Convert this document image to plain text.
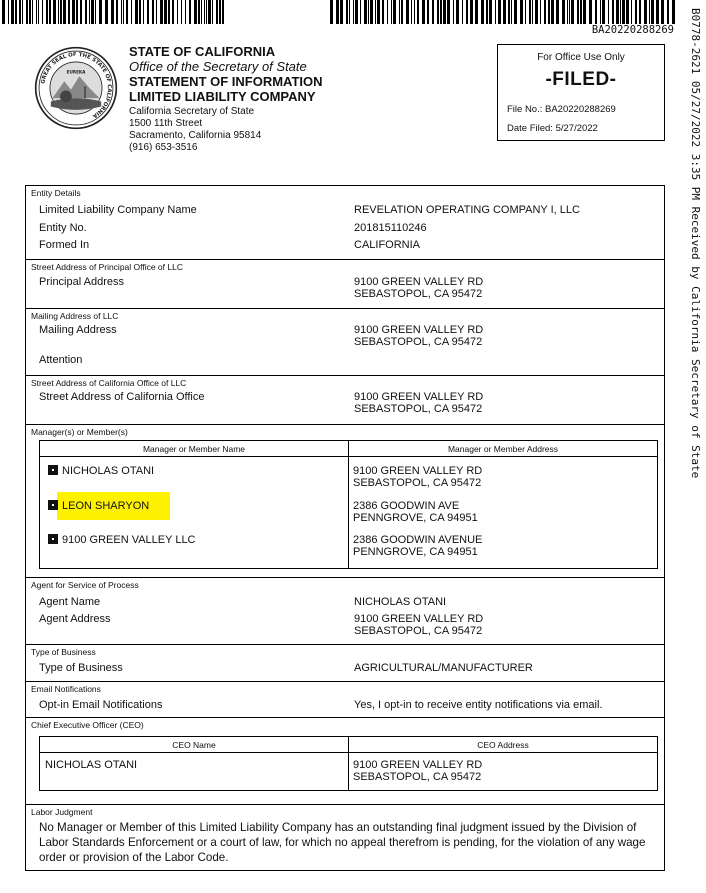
BA20220288269 B0778-2621 05/27/2022 3:35 PM Received by California Secretary of State
GREAT SEAL OF THE STATE OF CALIFORNIA
EUREKA
STATE OF CALIFORNIA
Office of the Secretary of State
STATEMENT OF INFORMATION
LIMITED LIABILITY COMPANY
California Secretary of State
1500 11th Street
Sacramento, California 95814
(916) 653-3516
For Office Use Only
-FILED-
File No.: BA20220288269
Date Filed: 5/27/2022
Entity Details
Limited Liability Company Name	REVELATION OPERATING COMPANY I, LLC
Entity No.	201815110246
Formed In	CALIFORNIA
Street Address of Principal Office of LLC
Principal Address	9100 GREEN VALLEY RD
SEBASTOPOL, CA 95472
Mailing Address of LLC
Mailing Address	9100 GREEN VALLEY RD
SEBASTOPOL, CA 95472
Attention
Street Address of California Office of LLC
Street Address of California Office	9100 GREEN VALLEY RD
SEBASTOPOL, CA 95472
Manager(s) or Member(s)
Manager or Member Name	Manager or Member Address
NICHOLAS OTANI	9100 GREEN VALLEY RD
SEBASTOPOL, CA 95472
LEON SHARYON	2386 GOODWIN AVE
PENNGROVE, CA 94951
9100 GREEN VALLEY LLC	2386 GOODWIN AVENUE
PENNGROVE, CA 94951
Agent for Service of Process
Agent Name	NICHOLAS OTANI
Agent Address	9100 GREEN VALLEY RD
SEBASTOPOL, CA 95472
Type of Business
Type of Business	AGRICULTURAL/MANUFACTURER
Email Notifications
Opt-in Email Notifications	Yes, I opt-in to receive entity notifications via email.
Chief Executive Officer (CEO)
CEO Name	CEO Address
NICHOLAS OTANI	9100 GREEN VALLEY RD
SEBASTOPOL, CA 95472
Labor Judgment
No Manager or Member of this Limited Liability Company has an outstanding final judgment issued by the Division of Labor Standards Enforcement or a court of law, for which no appeal therefrom is pending, for the violation of any wage order or provision of the Labor Code.
